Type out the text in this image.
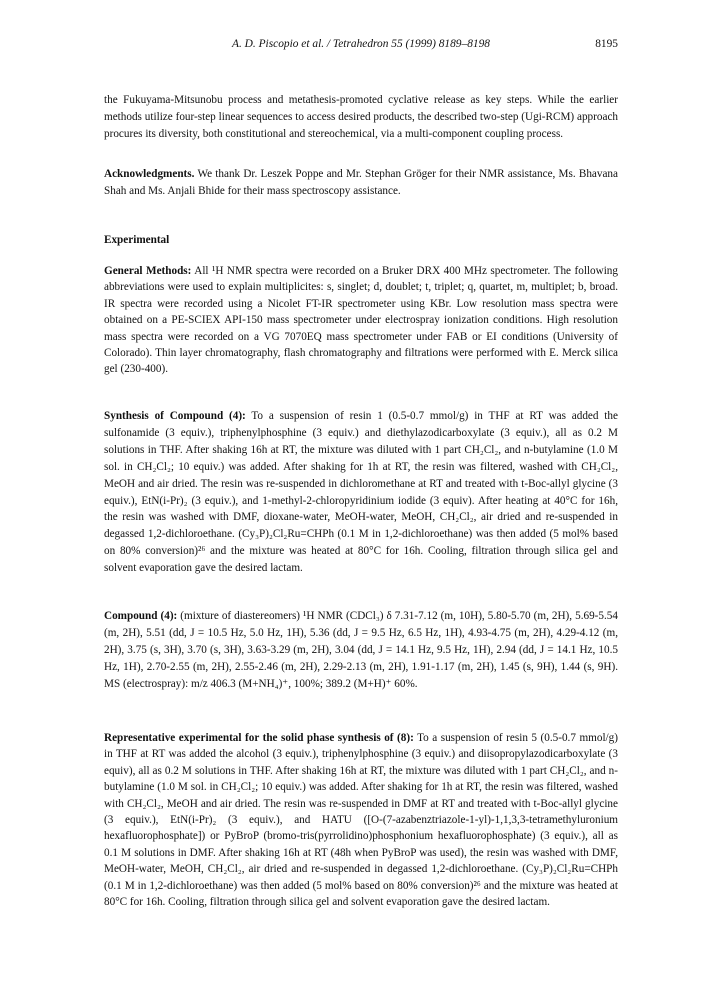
A. D. Piscopio et al. / Tetrahedron 55 (1999) 8189–8198	8195

the Fukuyama-Mitsunobu process and metathesis-promoted cyclative release as key steps. While the earlier methods utilize four-step linear sequences to access desired products, the described two-step (Ugi-RCM) approach procures its diversity, both constitutional and stereochemical, via a multi-component coupling process.

Acknowledgments. We thank Dr. Leszek Poppe and Mr. Stephan Gröger for their NMR assistance, Ms. Bhavana Shah and Ms. Anjali Bhide for their mass spectroscopy assistance.

Experimental

General Methods: All ¹H NMR spectra were recorded on a Bruker DRX 400 MHz spectrometer. The following abbreviations were used to explain multiplicites: s, singlet; d, doublet; t, triplet; q, quartet, m, multiplet; b, broad. IR spectra were recorded using a Nicolet FT-IR spectrometer using KBr. Low resolution mass spectra were obtained on a PE-SCIEX API-150 mass spectrometer under electrospray ionization conditions. High resolution mass spectra were recorded on a VG 7070EQ mass spectrometer under FAB or EI conditions (University of Colorado). Thin layer chromatography, flash chromatography and filtrations were performed with E. Merck silica gel (230-400).

Synthesis of Compound (4): To a suspension of resin 1 (0.5-0.7 mmol/g) in THF at RT was added the sulfonamide (3 equiv.), triphenylphosphine (3 equiv.) and diethylazodicarboxylate (3 equiv.), all as 0.2 M solutions in THF. After shaking 16h at RT, the mixture was diluted with 1 part CH₂Cl₂, and n-butylamine (1.0 M sol. in CH₂Cl₂; 10 equiv.) was added. After shaking for 1h at RT, the resin was filtered, washed with CH₂Cl₂, MeOH and air dried. The resin was re-suspended in dichloromethane at RT and treated with t-Boc-allyl glycine (3 equiv.), EtN(i-Pr)₂ (3 equiv.), and 1-methyl-2-chloropyridinium iodide (3 equiv). After heating at 40°C for 16h, the resin was washed with DMF, dioxane-water, MeOH-water, MeOH, CH₂Cl₂, air dried and re-suspended in degassed 1,2-dichloroethane. (Cy₃P)₂Cl₂Ru=CHPh (0.1 M in 1,2-dichloroethane) was then added (5 mol% based on 80% conversion)²⁶ and the mixture was heated at 80°C for 16h. Cooling, filtration through silica gel and solvent evaporation gave the desired lactam.

Compound (4): (mixture of diastereomers) ¹H NMR (CDCl₃) δ 7.31-7.12 (m, 10H), 5.80-5.70 (m, 2H), 5.69-5.54 (m, 2H), 5.51 (dd, J = 10.5 Hz, 5.0 Hz, 1H), 5.36 (dd, J = 9.5 Hz, 6.5 Hz, 1H), 4.93-4.75 (m, 2H), 4.29-4.12 (m, 2H), 3.75 (s, 3H), 3.70 (s, 3H), 3.63-3.29 (m, 2H), 3.04 (dd, J = 14.1 Hz, 9.5 Hz, 1H), 2.94 (dd, J = 14.1 Hz, 10.5 Hz, 1H), 2.70-2.55 (m, 2H), 2.55-2.46 (m, 2H), 2.29-2.13 (m, 2H), 1.91-1.17 (m, 2H), 1.45 (s, 9H), 1.44 (s, 9H). MS (electrospray): m/z 406.3 (M+NH₄)⁺, 100%; 389.2 (M+H)⁺ 60%.

Representative experimental for the solid phase synthesis of (8): To a suspension of resin 5 (0.5-0.7 mmol/g) in THF at RT was added the alcohol (3 equiv.), triphenylphosphine (3 equiv.) and diisopropylazodicarboxylate (3 equiv), all as 0.2 M solutions in THF. After shaking 16h at RT, the mixture was diluted with 1 part CH₂Cl₂, and n-butylamine (1.0 M sol. in CH₂Cl₂; 10 equiv.) was added. After shaking for 1h at RT, the resin was filtered, washed with CH₂Cl₂, MeOH and air dried. The resin was re-suspended in DMF at RT and treated with t-Boc-allyl glycine (3 equiv.), EtN(i-Pr)₂ (3 equiv.), and HATU ([O-(7-azabenztriazole-1-yl)-1,1,3,3-tetramethyluronium hexafluorophosphate]) or PyBroP (bromo-tris(pyrrolidino)phosphonium hexafluorophosphate) (3 equiv.), all as 0.1 M solutions in DMF. After shaking 16h at RT (48h when PyBroP was used), the resin was washed with DMF, MeOH-water, MeOH, CH₂Cl₂, air dried and re-suspended in degassed 1,2-dichloroethane. (Cy₃P)₂Cl₂Ru=CHPh (0.1 M in 1,2-dichloroethane) was then added (5 mol% based on 80% conversion)²⁶ and the mixture was heated at 80°C for 16h. Cooling, filtration through silica gel and solvent evaporation gave the desired lactam.
